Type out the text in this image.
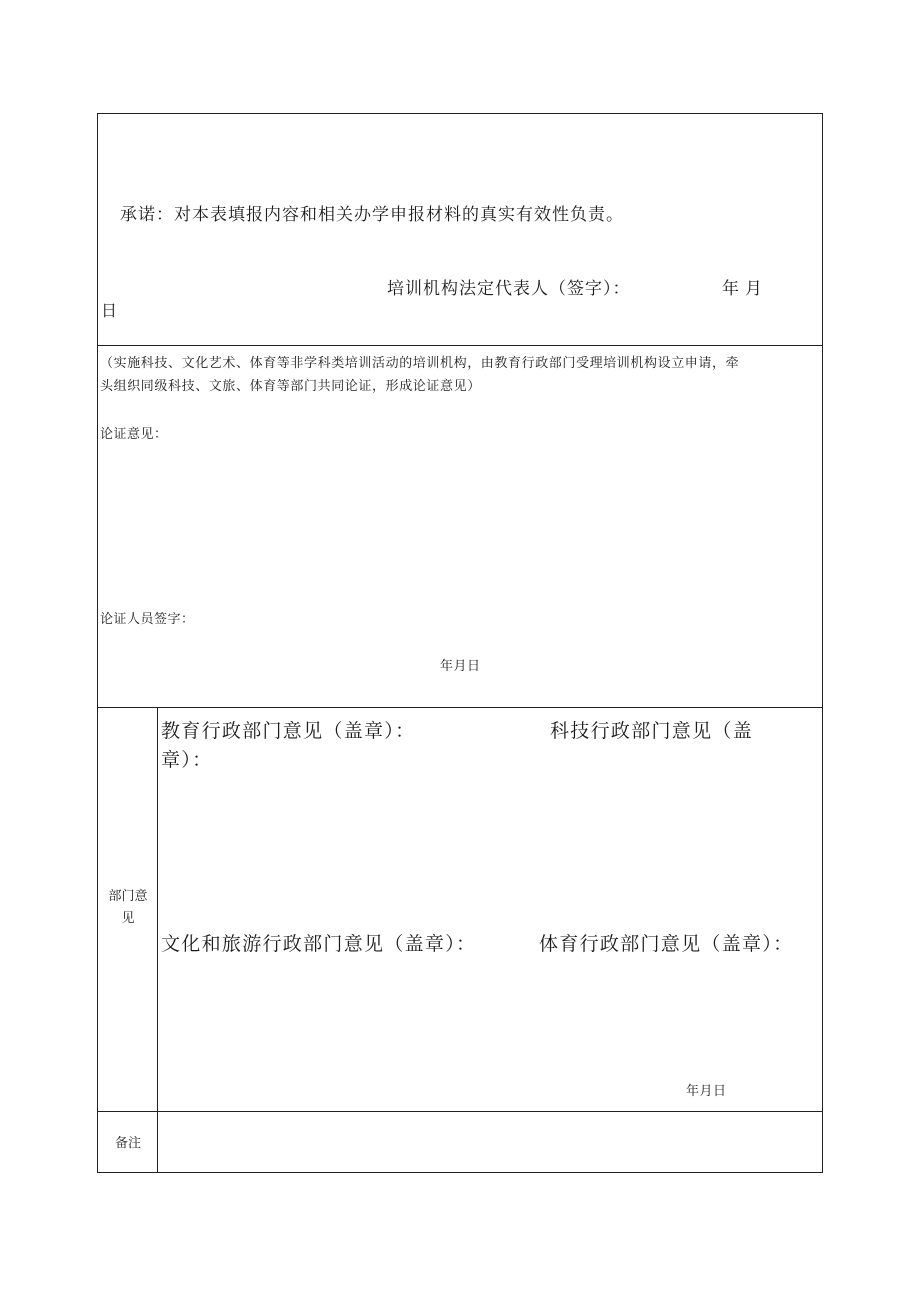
承诺：对本表填报内容和相关办学申报材料的真实有效性负责。

培训机构法定代表人（签字）：	年月

日

（实施科技、文化艺术、体育等非学科类培训活动的培训机构，由教育行政部门受理培训机构设立申请，牵

头组织同级科技、文旅、体育等部门共同论证，形成论证意见）

论证意见：

论证人员签字：

年月日

部门意
见

教育行政部门意见（盖章）：	科技行政部门意见（盖

章）：

文化和旅游行政部门意见（盖章）：	体育行政部门意见（盖章）：

年月日

备注
